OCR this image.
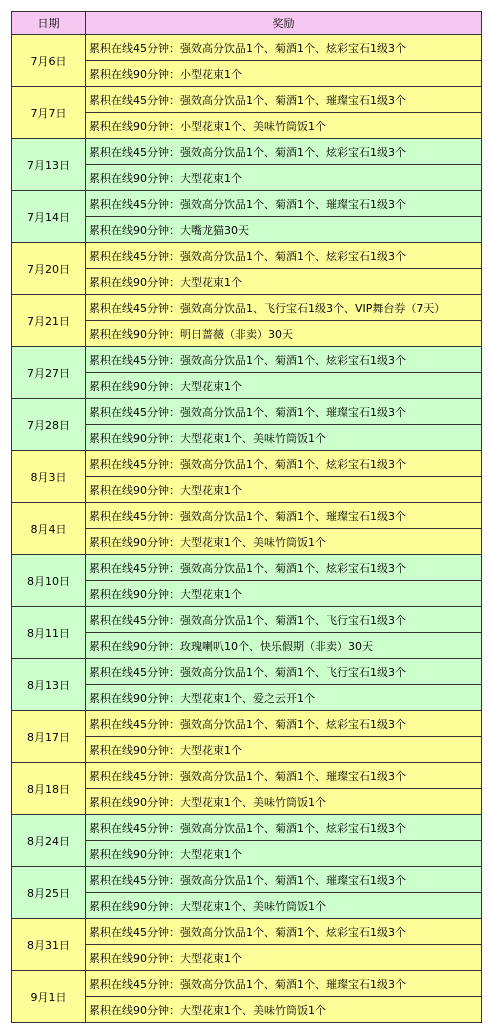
日期	奖励
7月6日	累积在线45分钟：强效高分饮品1个、菊酒1个、炫彩宝石1级3个
	累积在线90分钟：小型花束1个
7月7日	累积在线45分钟：强效高分饮品1个、菊酒1个、璀璨宝石1级3个
	累积在线90分钟：小型花束1个、美味竹筒饭1个
7月13日	累积在线45分钟：强效高分饮品1个、菊酒1个、炫彩宝石1级3个
	累积在线90分钟：大型花束1个
7月14日	累积在线45分钟：强效高分饮品1个、菊酒1个、璀璨宝石1级3个
	累积在线90分钟：大嘴龙猫30天
7月20日	累积在线45分钟：强效高分饮品1个、菊酒1个、炫彩宝石1级3个
	累积在线90分钟：大型花束1个
7月21日	累积在线45分钟：强效高分饮品1、飞行宝石1级3个、VIP舞台券（7天）
	累积在线90分钟：明日蔷薇（非卖）30天
7月27日	累积在线45分钟：强效高分饮品1个、菊酒1个、炫彩宝石1级3个
	累积在线90分钟：大型花束1个
7月28日	累积在线45分钟：强效高分饮品1个、菊酒1个、璀璨宝石1级3个
	累积在线90分钟：大型花束1个、美味竹筒饭1个
8月3日	累积在线45分钟：强效高分饮品1个、菊酒1个、炫彩宝石1级3个
	累积在线90分钟：大型花束1个
8月4日	累积在线45分钟：强效高分饮品1个、菊酒1个、璀璨宝石1级3个
	累积在线90分钟：大型花束1个、美味竹筒饭1个
8月10日	累积在线45分钟：强效高分饮品1个、菊酒1个、炫彩宝石1级3个
	累积在线90分钟：大型花束1个
8月11日	累积在线45分钟：强效高分饮品1个、菊酒1个、飞行宝石1级3个
	累积在线90分钟：玫瑰喇叭10个、快乐假期（非卖）30天
8月13日	累积在线45分钟：强效高分饮品1个、菊酒1个、飞行宝石1级3个
	累积在线90分钟：大型花束1个、爱之云开1个
8月17日	累积在线45分钟：强效高分饮品1个、菊酒1个、炫彩宝石1级3个
	累积在线90分钟：大型花束1个
8月18日	累积在线45分钟：强效高分饮品1个、菊酒1个、璀璨宝石1级3个
	累积在线90分钟：大型花束1个、美味竹筒饭1个
8月24日	累积在线45分钟：强效高分饮品1个、菊酒1个、炫彩宝石1级3个
	累积在线90分钟：大型花束1个
8月25日	累积在线45分钟：强效高分饮品1个、菊酒1个、璀璨宝石1级3个
	累积在线90分钟：大型花束1个、美味竹筒饭1个
8月31日	累积在线45分钟：强效高分饮品1个、菊酒1个、炫彩宝石1级3个
	累积在线90分钟：大型花束1个
9月1日	累积在线45分钟：强效高分饮品1个、菊酒1个、璀璨宝石1级3个
	累积在线90分钟：大型花束1个、美味竹筒饭1个
